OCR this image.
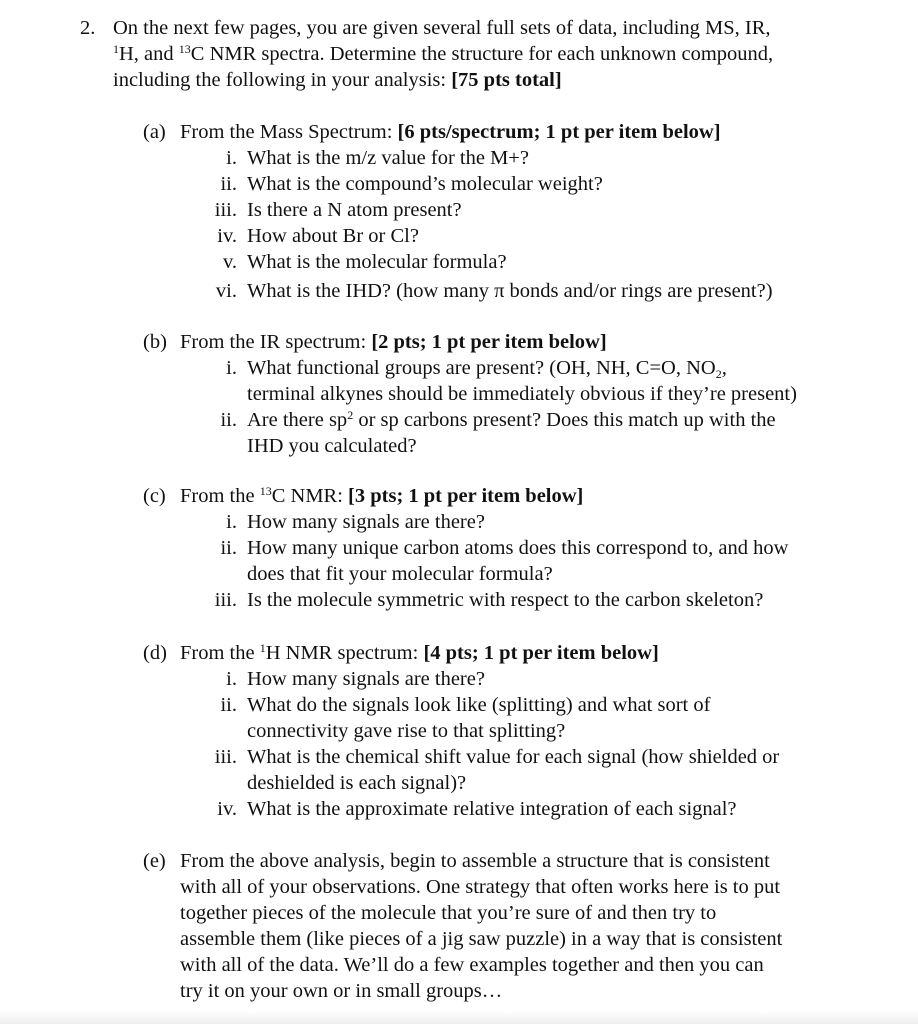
2. On the next few pages, you are given several full sets of data, including MS, IR,
$^1$H, and $^{13}$C NMR spectra. Determine the structure for each unknown compound,
including the following in your analysis: [75 pts total]
(a) From the Mass Spectrum: [6 pts/spectrum; 1 pt per item below]
i. What is the m/z value for the M+?
ii. What is the compound’s molecular weight?
iii. Is there a N atom present?
iv. How about Br or Cl?
v. What is the molecular formula?
vi. What is the IHD? (how many π bonds and/or rings are present?)
(b) From the IR spectrum: [2 pts; 1 pt per item below]
i. What functional groups are present? (OH, NH, C=O, $NO_2$,
terminal alkynes should be immediately obvious if they’re present)
ii. Are there $sp^2$ or sp carbons present? Does this match up with the
IHD you calculated?
(c) From the $^{13}$C NMR: [3 pts; 1 pt per item below]
i. How many signals are there?
ii. How many unique carbon atoms does this correspond to, and how
does that fit your molecular formula?
iii. Is the molecule symmetric with respect to the carbon skeleton?
(d) From the $^1$H NMR spectrum: [4 pts; 1 pt per item below]
i. How many signals are there?
ii. What do the signals look like (splitting) and what sort of
connectivity gave rise to that splitting?
iii. What is the chemical shift value for each signal (how shielded or
deshielded is each signal)?
iv. What is the approximate relative integration of each signal?
(e) From the above analysis, begin to assemble a structure that is consistent
with all of your observations. One strategy that often works here is to put
together pieces of the molecule that you’re sure of and then try to
assemble them (like pieces of a jig saw puzzle) in a way that is consistent
with all of the data. We’ll do a few examples together and then you can
try it on your own or in small groups…
